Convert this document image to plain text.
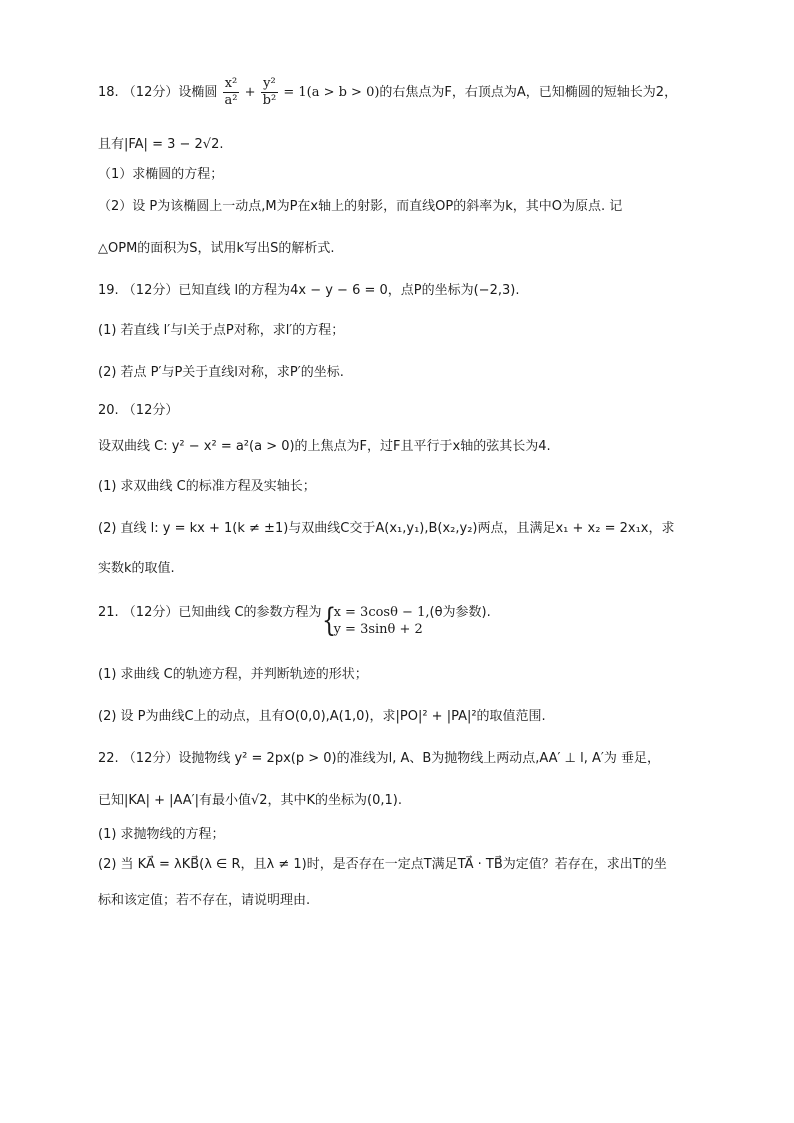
18. （12分）设椭圆 $\frac{\text{x²}}{\text{a²}} + \frac{\text{y²}}{\text{b²}} = 1(a > b > 0)$的右焦点为F，右顶点为A，已知椭圆的短轴长为2，
且有|FA| = 3 − 2√2.
（1）求椭圆的方程；
（2）设 P为该椭圆上一动点,M为P在x轴上的射影，而直线OP的斜率为k，其中O为原点. 记
△OPM的面积为S，试用k写出S的解析式.
19. （12分）已知直线 l的方程为4x − y − 6 = 0，点P的坐标为(−2,3).
(1) 若直线 l′与l关于点P对称，求l′的方程；
(2) 若点 P′与P关于直线l对称，求P′的坐标.
20. （12分）
设双曲线 C: y² − x² = a²(a > 0)的上焦点为F，过F且平行于x轴的弦其长为4.
(1) 求双曲线 C的标准方程及实轴长；
(2) 直线 l: y = kx + 1(k ≠ ±1)与双曲线C交于A(x₁,y₁),B(x₂,y₂)两点，且满足x₁ + x₂ = 2x₁x，求
实数k的取值.
21. （12分）已知曲线 C的参数方程为 {
x = 3cosθ − 1,
y = 3sinθ + 2
(θ为参数).
(1) 求曲线 C的轨迹方程，并判断轨迹的形状；
(2) 设 P为曲线C上的动点，且有O(0,0),A(1,0)，求|PO|² + |PA|²的取值范围.
22. （12分）设抛物线 y² = 2px(p > 0)的准线为l, A、B为抛物线上两动点,AA′ ⊥ l, A′为 垂足，
已知|KA| + |AA′|有最小值√2，其中K的坐标为(0,1).
(1) 求抛物线的方程；
(2) 当 KA⃗ = λKB⃗(λ ∈ R，且λ ≠ 1)时，是否存在一定点T满足TA⃗ · TB⃗为定值？若存在，求出T的坐
标和该定值；若不存在，请说明理由.
